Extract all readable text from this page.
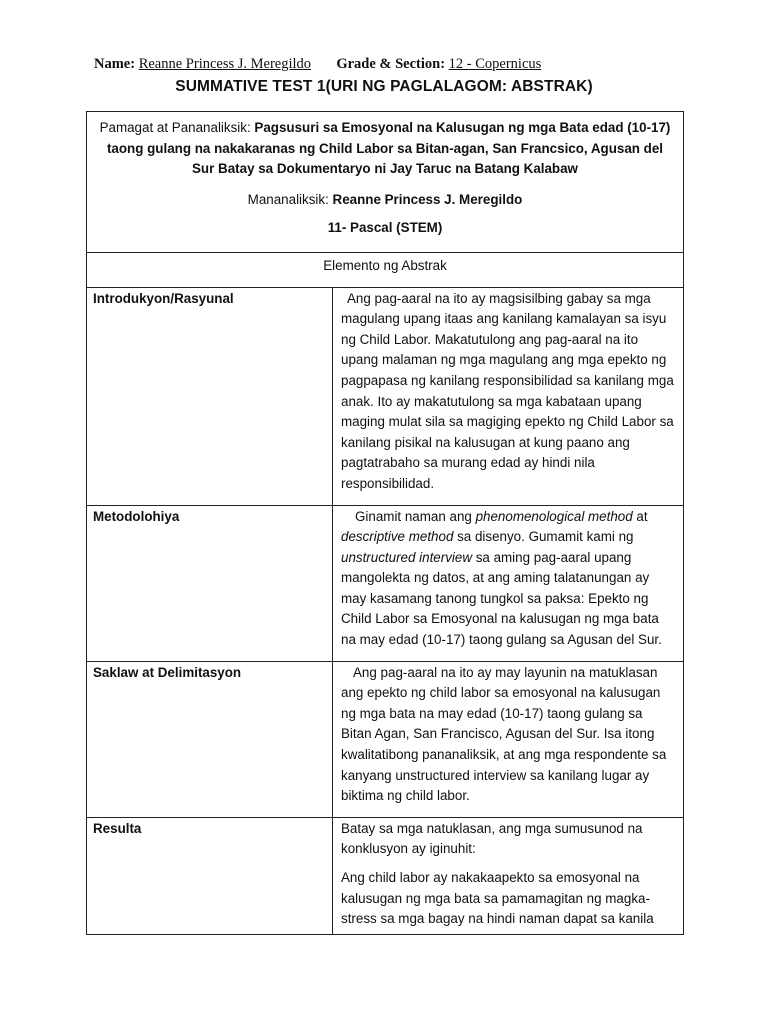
Name: Reanne Princess J. Meregildo Grade & Section: 12 - Copernicus
SUMMATIVE TEST 1(URI NG PAGLALAGOM: ABSTRAK)

Pamagat at Pananaliksik: Pagsusuri sa Emosyonal na Kalusugan ng mga Bata edad (10-17) taong gulang na nakakaranas ng Child Labor sa Bitan-agan, San Francsico, Agusan del Sur Batay sa Dokumentaryo ni Jay Taruc na Batang Kalabaw

Mananaliksik: Reanne Princess J. Meregildo

11- Pascal (STEM)	

Elemento ng Abstrak	
Introdukyon/Rasyunal	Ang pag-aaral na ito ay magsisilbing gabay sa mga magulang upang itaas ang kanilang kamalayan sa isyu ng Child Labor. Makatutulong ang pag-aaral na ito upang malaman ng mga magulang ang mga epekto ng pagpapasa ng kanilang responsibilidad sa kanilang mga anak. Ito ay makatutulong sa mga kabataan upang maging mulat sila sa magiging epekto ng Child Labor sa kanilang pisikal na kalusugan at kung paano ang pagtatrabaho sa murang edad ay hindi nila responsibilidad.

Metodolohiya	Ginamit naman ang phenomenological method at descriptive method sa disenyo. Gumamit kami ng unstructured interview sa aming pag-aaral upang mangolekta ng datos, at ang aming talatanungan ay may kasamang tanong tungkol sa paksa: Epekto ng Child Labor sa Emosyonal na kalusugan ng mga bata na may edad (10-17) taong gulang sa Agusan del Sur.

Saklaw at Delimitasyon	Ang pag-aaral na ito ay may layunin na matuklasan ang epekto ng child labor sa emosyonal na kalusugan ng mga bata na may edad (10-17) taong gulang sa Bitan Agan, San Francisco, Agusan del Sur. Isa itong kwalitatibong pananaliksik, at ang mga respondente sa kanyang unstructured interview sa kanilang lugar ay biktima ng child labor.

Resulta	Batay sa mga natuklasan, ang mga sumusunod na konklusyon ay iginuhit:

Ang child labor ay nakakaapekto sa emosyonal na kalusugan ng mga bata sa pamamagitan ng magka-stress sa mga bagay na hindi naman dapat sa kanila
